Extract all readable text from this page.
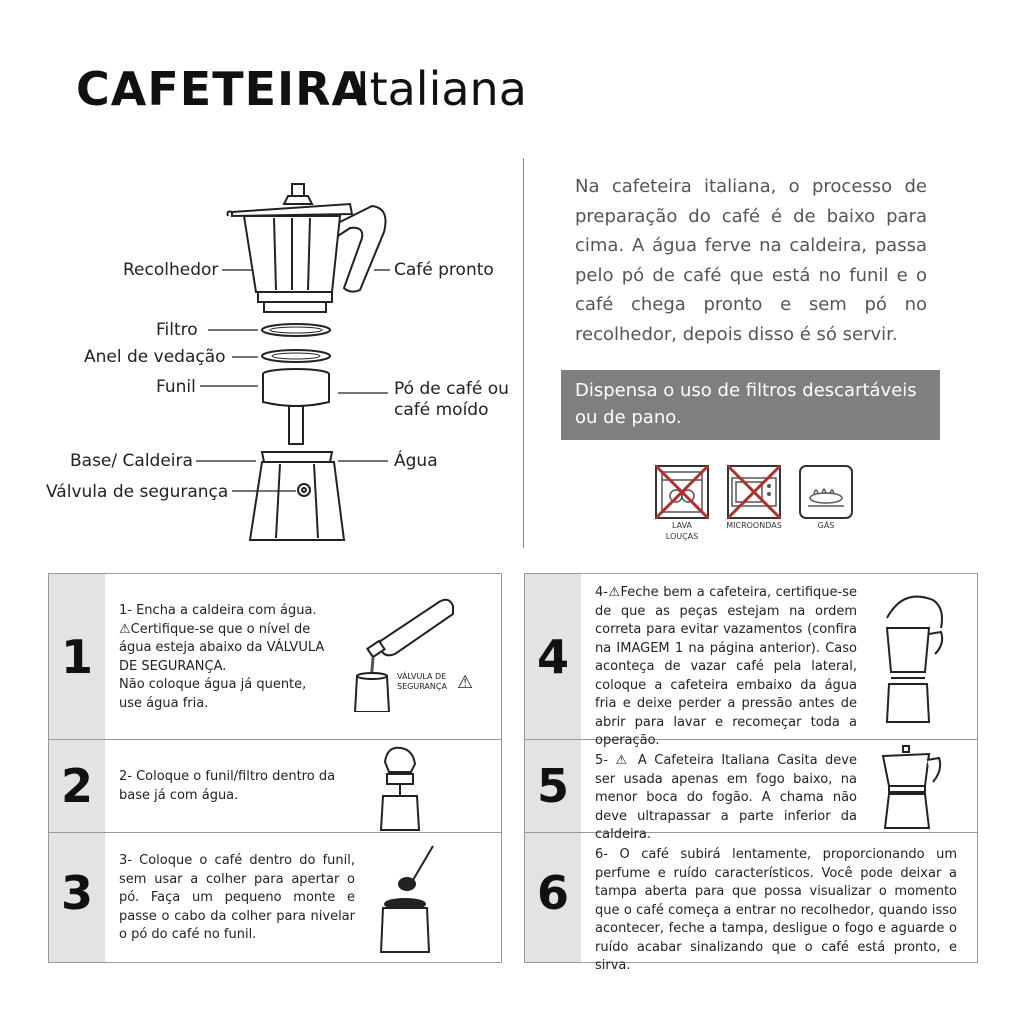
CAFETEIRA
Italiana
Recolhedor	Café pronto
Filtro
Anel de vedação
Funil	Pó de café ou
café moído
Base/ Caldeira	Água
Válvula de segurança
Na cafeteira italiana, o processo de preparação do café é de baixo para cima. A água ferve na caldeira, passa pelo pó de café que está no funil e o café chega pronto e sem pó no recolhedor, depois disso é só servir.
Dispensa o uso de filtros descartáveis ou de pano.
LAVA
LOUÇAS
MICROONDAS	GÁS
1
1- Encha a caldeira com água.
⚠Certifique-se que o nível de água esteja abaixo da VÁLVULA DE SEGURANÇA.
Não coloque água já quente, use água fria.
VÁLVULA DE
SEGURANÇA ⚠
2	2- Coloque o funil/filtro dentro da base já com água.
3
3- Coloque o café dentro do funil, sem usar a colher para apertar o pó. Faça um pequeno monte e passe o cabo da colher para nivelar o pó do café no funil.
4
4-⚠Feche bem a cafeteira, certifique-se de que as peças estejam na ordem correta para evitar vazamentos (confira na IMAGEM 1 na página anterior). Caso aconteça de vazar café pela lateral, coloque a cafeteira embaixo da água fria e deixe perder a pressão antes de abrir para lavar e recomeçar toda a operação.
5	5- ⚠ A Cafeteira Italiana Casita deve ser usada apenas em fogo baixo, na menor boca do fogão. A chama não deve ultrapassar a parte inferior da caldeira.
6
6- O café subirá lentamente, proporcionando um perfume e ruído característicos. Você pode deixar a tampa aberta para que possa visualizar o momento que o café começa a entrar no recolhedor, quando isso acontecer, feche a tampa, desligue o fogo e aguarde o ruído acabar sinalizando que o café está pronto, e sirva.
